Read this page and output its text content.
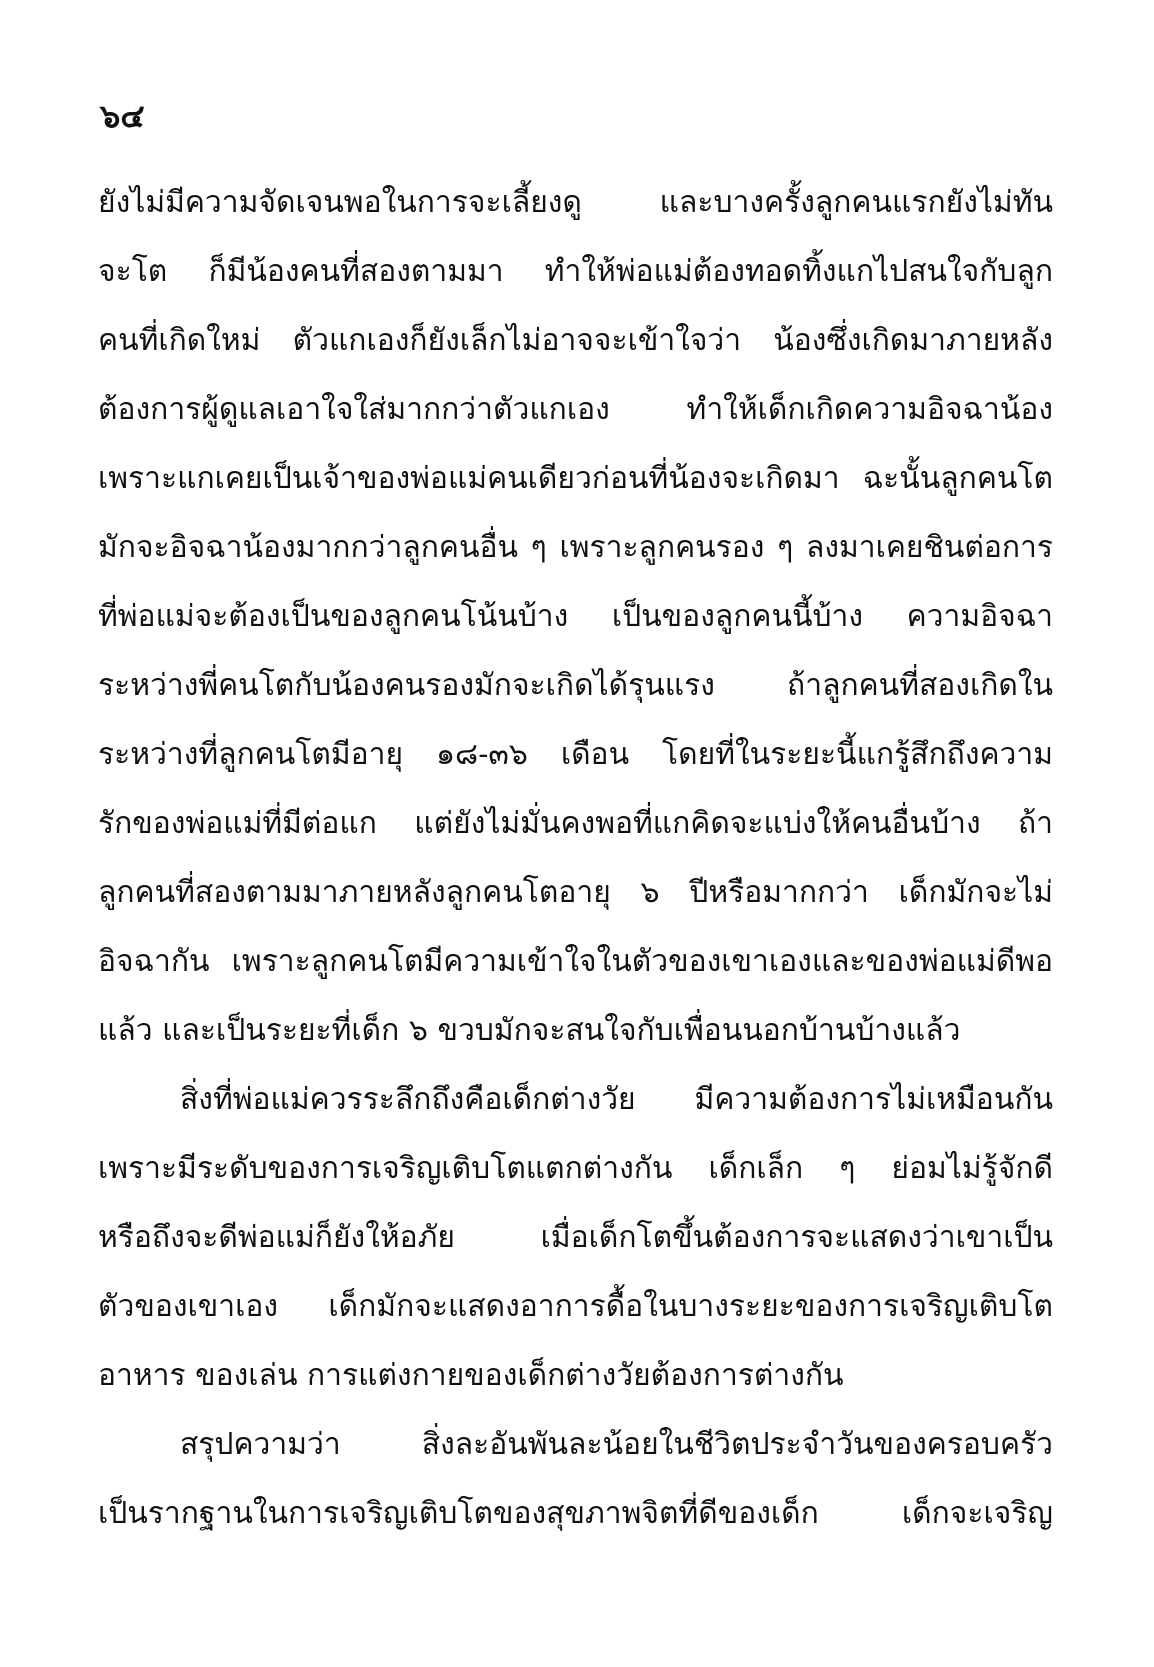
๖๔
ยังไม่มีความจัดเจนพอในการจะเลี้ยงดู และบางครั้งลูกคนแรกยังไม่ทัน
จะโต ก็มีน้องคนที่สองตามมา ทำให้พ่อแม่ต้องทอดทิ้งแกไปสนใจกับลูก
คนที่เกิดใหม่ ตัวแกเองก็ยังเล็กไม่อาจจะเข้าใจว่า น้องซึ่งเกิดมาภายหลัง
ต้องการผู้ดูแลเอาใจใส่มากกว่าตัวแกเอง ทำให้เด็กเกิดความอิจฉาน้อง
เพราะแกเคยเป็นเจ้าของพ่อแม่คนเดียวก่อนที่น้องจะเกิดมา ฉะนั้นลูกคนโต
มักจะอิจฉาน้องมากกว่าลูกคนอื่น ๆ เพราะลูกคนรอง ๆ ลงมาเคยชินต่อการ
ที่พ่อแม่จะต้องเป็นของลูกคนโน้นบ้าง เป็นของลูกคนนี้บ้าง ความอิจฉา
ระหว่างพี่คนโตกับน้องคนรองมักจะเกิดได้รุนแรง ถ้าลูกคนที่สองเกิดใน
ระหว่างที่ลูกคนโตมีอายุ ๑๘-๓๖ เดือน โดยที่ในระยะนี้แกรู้สึกถึงความ
รักของพ่อแม่ที่มีต่อแก แต่ยังไม่มั่นคงพอที่แกคิดจะแบ่งให้คนอื่นบ้าง ถ้า
ลูกคนที่สองตามมาภายหลังลูกคนโตอายุ ๖ ปีหรือมากกว่า เด็กมักจะไม่
อิจฉากัน เพราะลูกคนโตมีความเข้าใจในตัวของเขาเองและของพ่อแม่ดีพอ
แล้ว และเป็นระยะที่เด็ก ๖ ขวบมักจะสนใจกับเพื่อนนอกบ้านบ้างแล้ว
สิ่งที่พ่อแม่ควรระลึกถึงคือเด็กต่างวัย มีความต้องการไม่เหมือนกัน
เพราะมีระดับของการเจริญเติบโตแตกต่างกัน เด็กเล็ก ๆ ย่อมไม่รู้จักดี
หรือถึงจะดีพ่อแม่ก็ยังให้อภัย เมื่อเด็กโตขึ้นต้องการจะแสดงว่าเขาเป็น
ตัวของเขาเอง เด็กมักจะแสดงอาการดื้อในบางระยะของการเจริญเติบโต
อาหาร ของเล่น การแต่งกายของเด็กต่างวัยต้องการต่างกัน
สรุปความว่า สิ่งละอันพันละน้อยในชีวิตประจำวันของครอบครัว
เป็นรากฐานในการเจริญเติบโตของสุขภาพจิตที่ดีของเด็ก เด็กจะเจริญ
